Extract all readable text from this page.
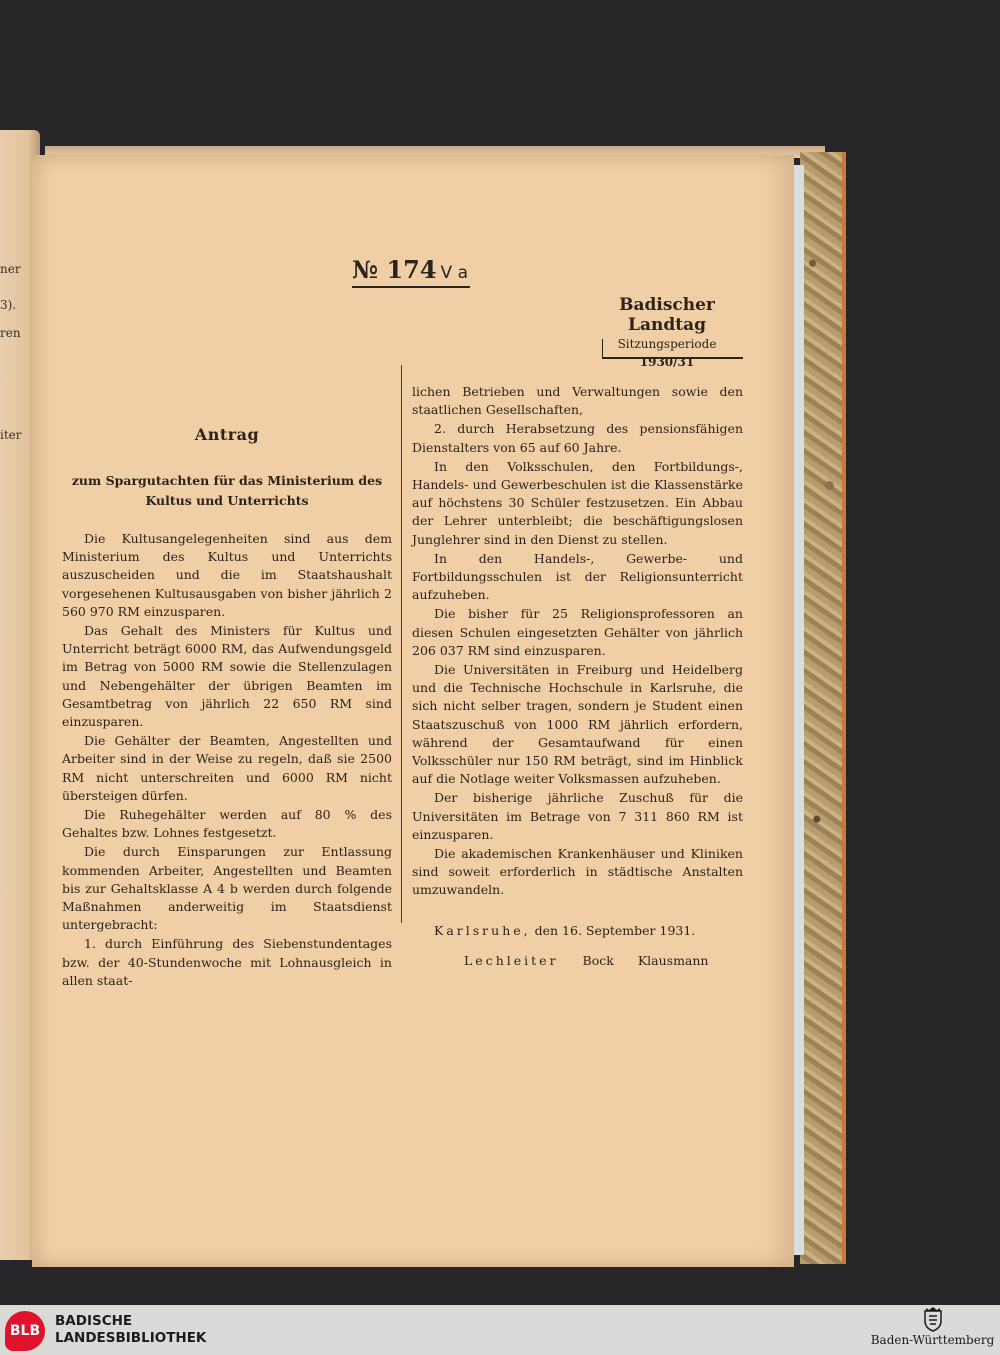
ner
3).
ren
iter
№ 174 V a
Badischer Landtag
Sitzungsperiode
1930/31
Antrag
zum Spargutachten für das Ministerium des Kultus und Unterrichts

Die Kultusangelegenheiten sind aus dem Ministerium des Kultus und Unterrichts auszuscheiden und die im Staatshaushalt vorgesehenen Kultusausgaben von bisher jährlich 2 560 970 RM einzusparen.

Das Gehalt des Ministers für Kultus und Unterricht beträgt 6000 RM, das Aufwendungsgeld im Betrag von 5000 RM sowie die Stellenzulagen und Nebengehälter der übrigen Beamten im Gesamtbetrag von jährlich 22 650 RM sind einzusparen.

Die Gehälter der Beamten, Angestellten und Arbeiter sind in der Weise zu regeln, daß sie 2500 RM nicht unterschreiten und 6000 RM nicht übersteigen dürfen.

Die Ruhegehälter werden auf 80 % des Gehaltes bzw. Lohnes festgesetzt.

Die durch Einsparungen zur Entlassung kommenden Arbeiter, Angestellten und Beamten bis zur Gehaltsklasse A 4 b werden durch folgende Maßnahmen anderweitig im Staatsdienst untergebracht:

1. durch Einführung des Siebenstundentages bzw. der 40-Stundenwoche mit Lohnausgleich in allen staat-

lichen Betrieben und Verwaltungen sowie den staatlichen Gesellschaften,

2. durch Herabsetzung des pensionsfähigen Dienstalters von 65 auf 60 Jahre.

In den Volksschulen, den Fortbildungs-, Handels- und Gewerbeschulen ist die Klassenstärke auf höchstens 30 Schüler festzusetzen. Ein Abbau der Lehrer unterbleibt; die beschäftigungslosen Junglehrer sind in den Dienst zu stellen.

In den Handels-, Gewerbe- und Fortbildungsschulen ist der Religionsunterricht aufzuheben.

Die bisher für 25 Religionsprofessoren an diesen Schulen eingesetzten Gehälter von jährlich 206 037 RM sind einzusparen.

Die Universitäten in Freiburg und Heidelberg und die Technische Hochschule in Karlsruhe, die sich nicht selber tragen, sondern je Student einen Staatszuschuß von 1000 RM jährlich erfordern, während der Gesamtaufwand für einen Volksschüler nur 150 RM beträgt, sind im Hinblick auf die Notlage weiter Volksmassen aufzuheben.

Der bisherige jährliche Zuschuß für die Universitäten im Betrage von 7 311 860 RM ist einzusparen.

Die akademischen Krankenhäuser und Kliniken sind soweit erforderlich in städtische Anstalten umzuwandeln.

Karlsruhe, den 16. September 1931.

Lechleiter Bock Klausmann

BLB
BADISCHE
LANDESBIBLIOTHEK	Baden-Württemberg
